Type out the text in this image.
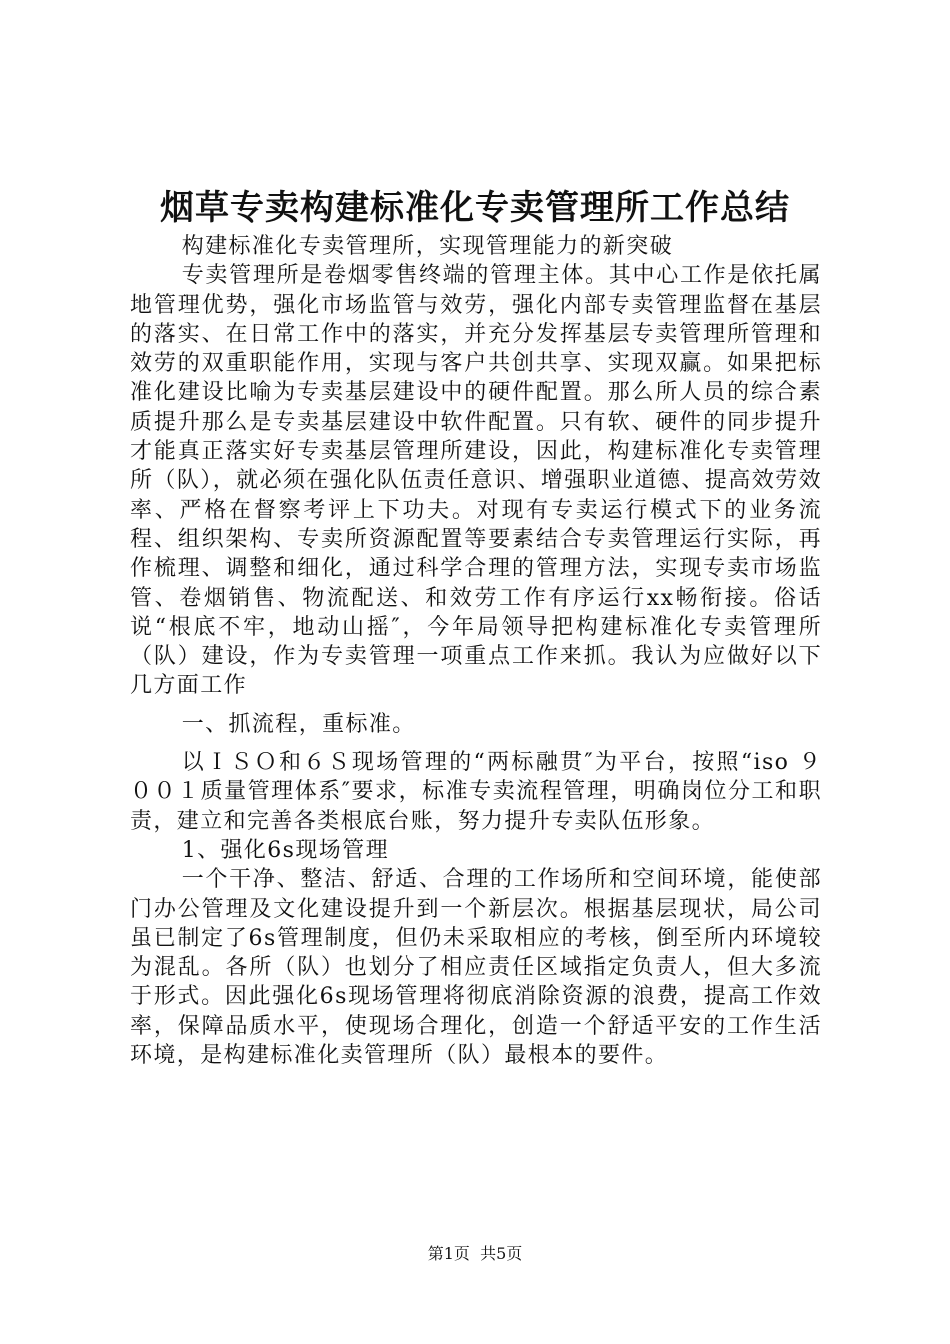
烟草专卖构建标准化专卖管理所工作总结

构建标准化专卖管理所，实现管理能力的新突破

专卖管理所是卷烟零售终端的管理主体。其中心工作是依托属地管理优势，强化市场监管与效劳，强化内部专卖管理监督在基层的落实、在日常工作中的落实，并充分发挥基层专卖管理所管理和效劳的双重职能作用，实现与客户共创共享、实现双赢。如果把标准化建设比喻为专卖基层建设中的硬件配置。那么所人员的综合素质提升那么是专卖基层建设中软件配置。只有软、硬件的同步提升才能真正落实好专卖基层管理所建设，因此，构建标准化专卖管理所（队），就必须在强化队伍责任意识、增强职业道德、提高效劳效率、严格在督察考评上下功夫。对现有专卖运行模式下的业务流程、组织架构、专卖所资源配置等要素结合专卖管理运行实际，再作梳理、调整和细化，通过科学合理的管理方法，实现专卖市场监管、卷烟销售、物流配送、和效劳工作有序运行xx畅衔接。俗话说“根底不牢，地动山摇″，今年局领导把构建标准化专卖管理所（队）建设，作为专卖管理一项重点工作来抓。我认为应做好以下几方面工作

一、抓流程，重标准。

以ＩＳＯ和６Ｓ现场管理的“两标融贯″为平台，按照“iso ９００１质量管理体系″要求，标准专卖流程管理，明确岗位分工和职责，建立和完善各类根底台账，努力提升专卖队伍形象。

1、强化6s现场管理

一个干净、整洁、舒适、合理的工作场所和空间环境，能使部门办公管理及文化建设提升到一个新层次。根据基层现状，局公司虽已制定了6s管理制度，但仍未采取相应的考核，倒至所内环境较为混乱。各所（队）也划分了相应责任区域指定负责人，但大多流于形式。因此强化6s现场管理将彻底消除资源的浪费，提高工作效率，保障品质水平，使现场合理化，创造一个舒适平安的工作生活环境，是构建标准化卖管理所（队）最根本的要件。

第1页  共5页
